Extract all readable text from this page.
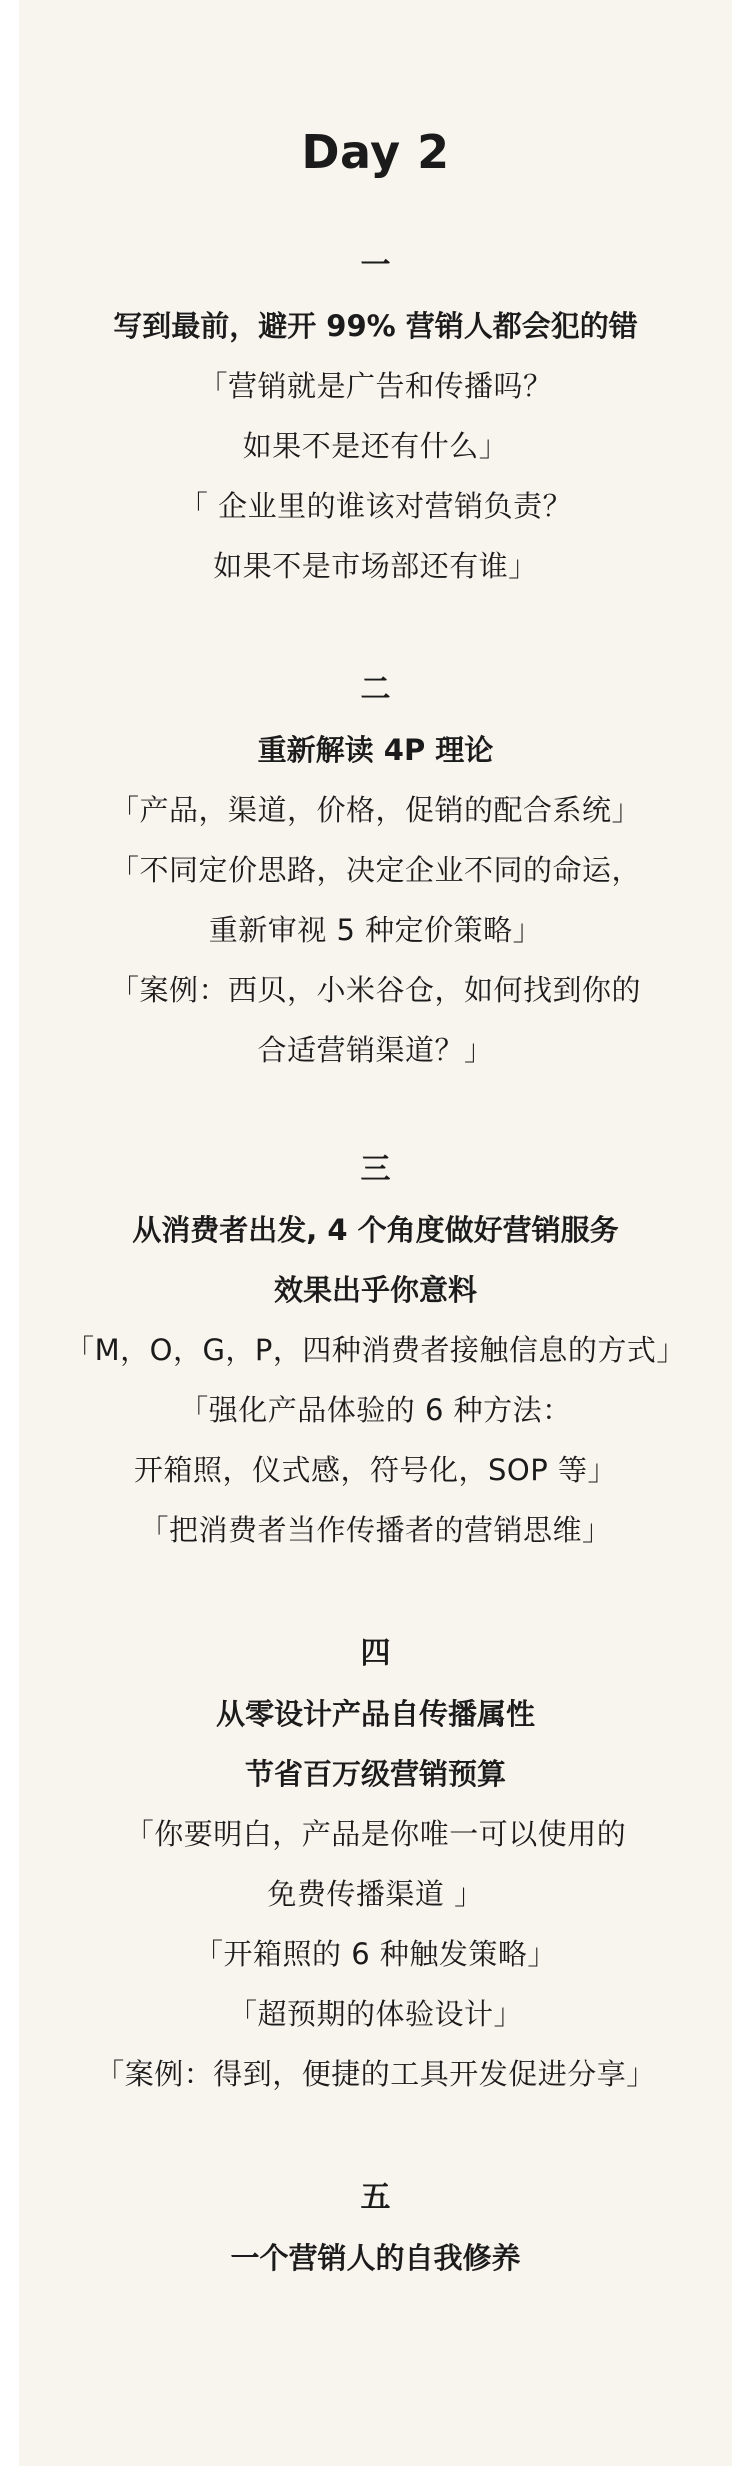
Day 2
一
写到最前，避开 99% 营销人都会犯的错
「营销就是广告和传播吗？
如果不是还有什么」
「 企业里的谁该对营销负责？
如果不是市场部还有谁」
二
重新解读 4P 理论
「产品，渠道，价格，促销的配合系统」
「不同定价思路，决定企业不同的命运，
重新审视 5 种定价策略」
「案例：西贝，小米谷仓，如何找到你的
合适营销渠道？」
三
从消费者出发, 4 个角度做好营销服务
效果出乎你意料
「M，O，G，P，四种消费者接触信息的方式」
「强化产品体验的 6 种方法：
开箱照，仪式感，符号化，SOP 等」
「把消费者当作传播者的营销思维」
四
从零设计产品自传播属性
节省百万级营销预算
「你要明白，产品是你唯一可以使用的
免费传播渠道 」
「开箱照的 6 种触发策略」
「超预期的体验设计」
「案例：得到，便捷的工具开发促进分享」
五
一个营销人的自我修养
